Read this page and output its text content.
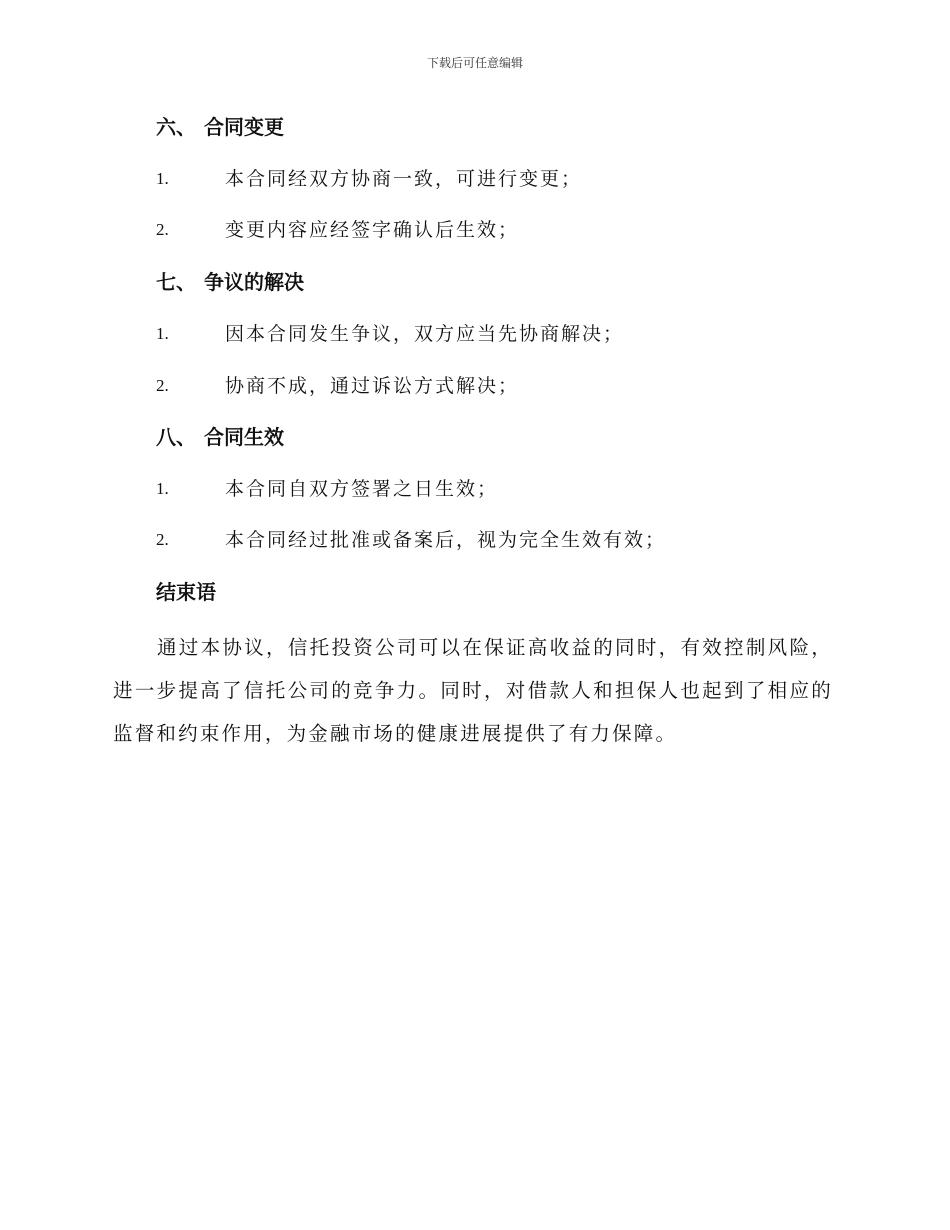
下载后可任意编辑
六、 合同变更
1.	本合同经双方协商一致，可进行变更；
2.	变更内容应经签字确认后生效；
七、 争议的解决
1.	因本合同发生争议，双方应当先协商解决；
2.	协商不成，通过诉讼方式解决；
八、 合同生效
1.	本合同自双方签署之日生效；
2.	本合同经过批准或备案后，视为完全生效有效；
结束语
通过本协议，信托投资公司可以在保证高收益的同时，有效控制风险，进一步提高了信托公司的竞争力。同时，对借款人和担保人也起到了相应的监督和约束作用，为金融市场的健康进展提供了有力保障。
